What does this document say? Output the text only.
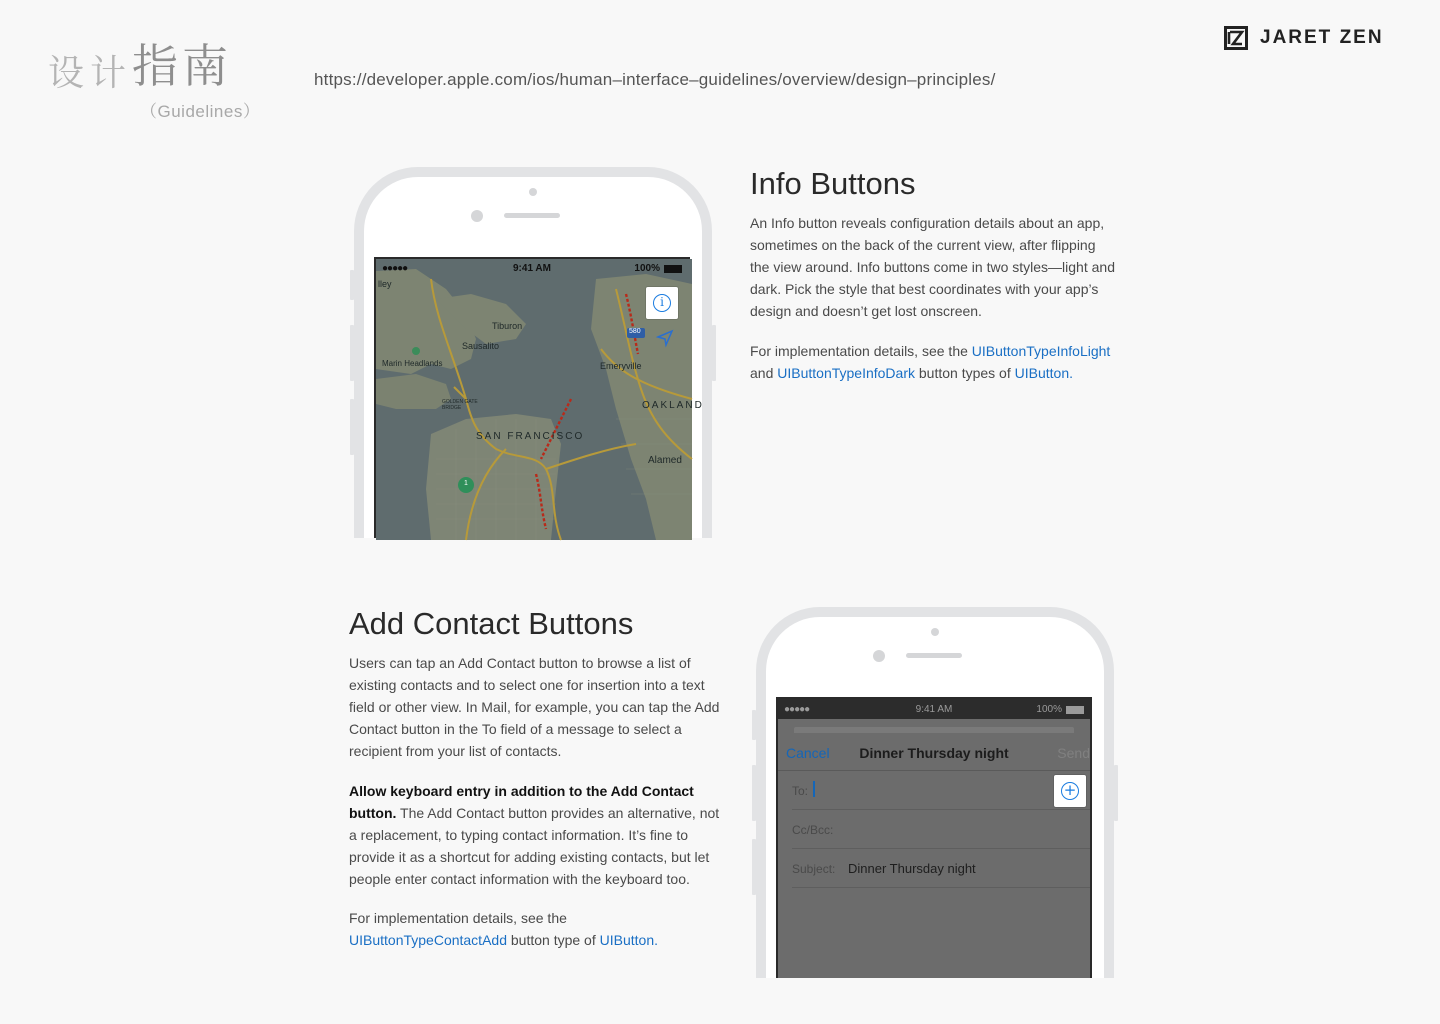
设计指南
（Guidelines）
https://developer.apple.com/ios/human–interface–guidelines/overview/design–principles/
JARET ZEN
●●●●●	9:41 AM	100%
lley
Tiburon
Sausalito
Marin Headlands
GOLDEN GATE BRIDGE
Emeryville
OAKLAND
SAN FRANCISCO
Alamed
580
1
i
Info Buttons

An Info button reveals configuration details about an app, sometimes on the back of the current view, after flipping the view around. Info buttons come in two styles—light and dark. Pick the style that best coordinates with your app’s design and doesn’t get lost onscreen.

For implementation details, see the UIButtonTypeInfoLight and UIButtonTypeInfoDark button types of UIButton.

Add Contact Buttons

Users can tap an Add Contact button to browse a list of existing contacts and to select one for insertion into a text field or other view. In Mail, for example, you can tap the Add Contact button in the To field of a message to select a recipient from your list of contacts.

Allow keyboard entry in addition to the Add Contact button. The Add Contact button provides an alternative, not a replacement, to typing contact information. It’s fine to provide it as a shortcut for adding existing contacts, but let people enter contact information with the keyboard too.

For implementation details, see the
UIButtonTypeContactAdd button type of UIButton.

●●●●●	9:41 AM	100%
Cancel	Dinner Thursday night	Send
To:
Cc/Bcc:
Subject: Dinner Thursday night
+
